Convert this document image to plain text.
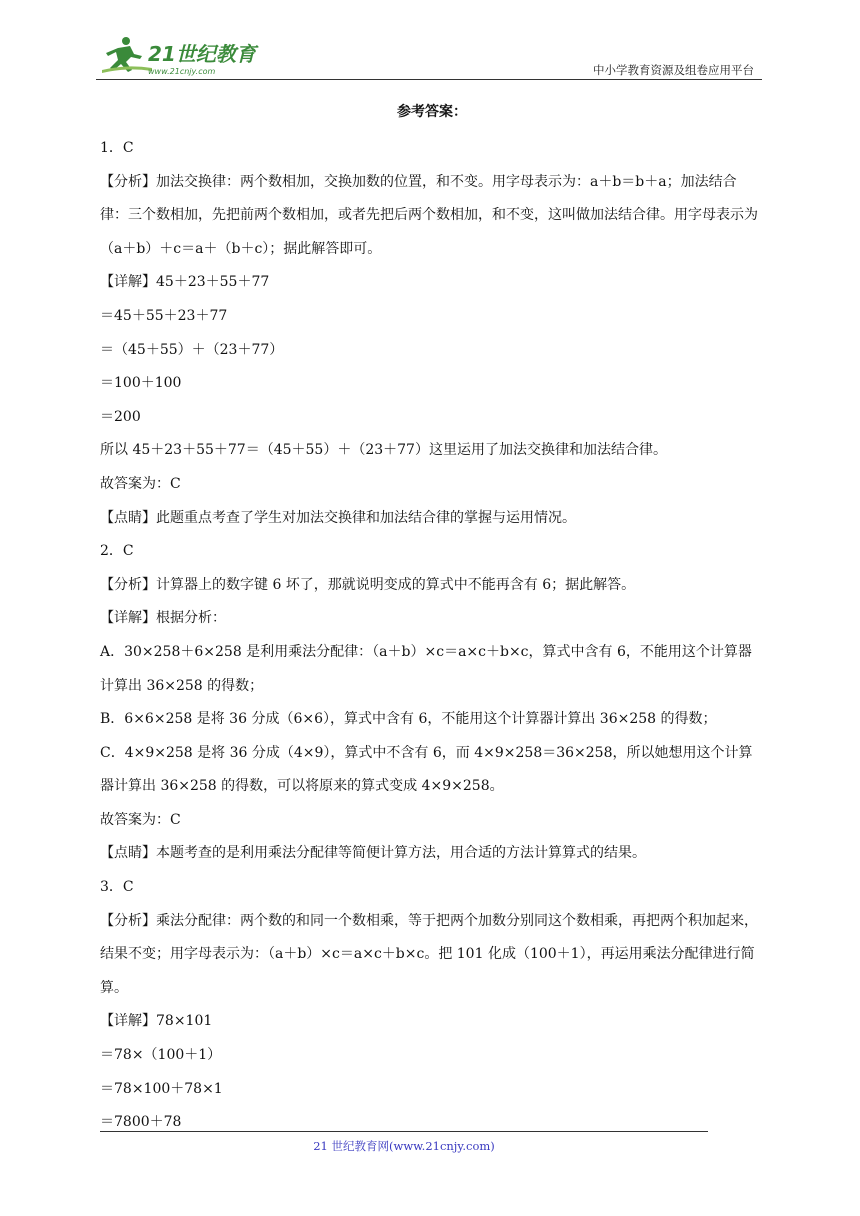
21世纪教育
www.21cnjy.com	中小学教育资源及组卷应用平台
参考答案：

1．C

【分析】加法交换律：两个数相加，交换加数的位置，和不变。用字母表示为：a＋b＝b＋a；加法结合律：三个数相加，先把前两个数相加，或者先把后两个数相加，和不变，这叫做加法结合律。用字母表示为（a＋b）＋c＝a＋（b＋c）；据此解答即可。

【详解】45＋23＋55＋77

＝45＋55＋23＋77

＝（45＋55）＋（23＋77）

＝100＋100

＝200

所以 45＋23＋55＋77＝（45＋55）＋（23＋77）这里运用了加法交换律和加法结合律。

故答案为：C

【点睛】此题重点考查了学生对加法交换律和加法结合律的掌握与运用情况。

2．C

【分析】计算器上的数字键 6 坏了，那就说明变成的算式中不能再含有 6；据此解答。

【详解】根据分析：

A．30×258＋6×258 是利用乘法分配律：（a＋b）×c＝a×c＋b×c，算式中含有 6，不能用这个计算器计算出 36×258 的得数；

B．6×6×258 是将 36 分成（6×6），算式中含有 6，不能用这个计算器计算出 36×258 的得数；

C．4×9×258 是将 36 分成（4×9），算式中不含有 6，而 4×9×258＝36×258，所以她想用这个计算器计算出 36×258 的得数，可以将原来的算式变成 4×9×258。

故答案为：C

【点睛】本题考查的是利用乘法分配律等简便计算方法，用合适的方法计算算式的结果。

3．C

【分析】乘法分配律：两个数的和同一个数相乘，等于把两个加数分别同这个数相乘，再把两个积加起来，结果不变；用字母表示为：（a＋b）×c＝a×c＋b×c。把 101 化成（100＋1），再运用乘法分配律进行简算。

【详解】78×101

＝78×（100＋1）

＝78×100＋78×1

＝7800＋78

21 世纪教育网(www.21cnjy.com)
